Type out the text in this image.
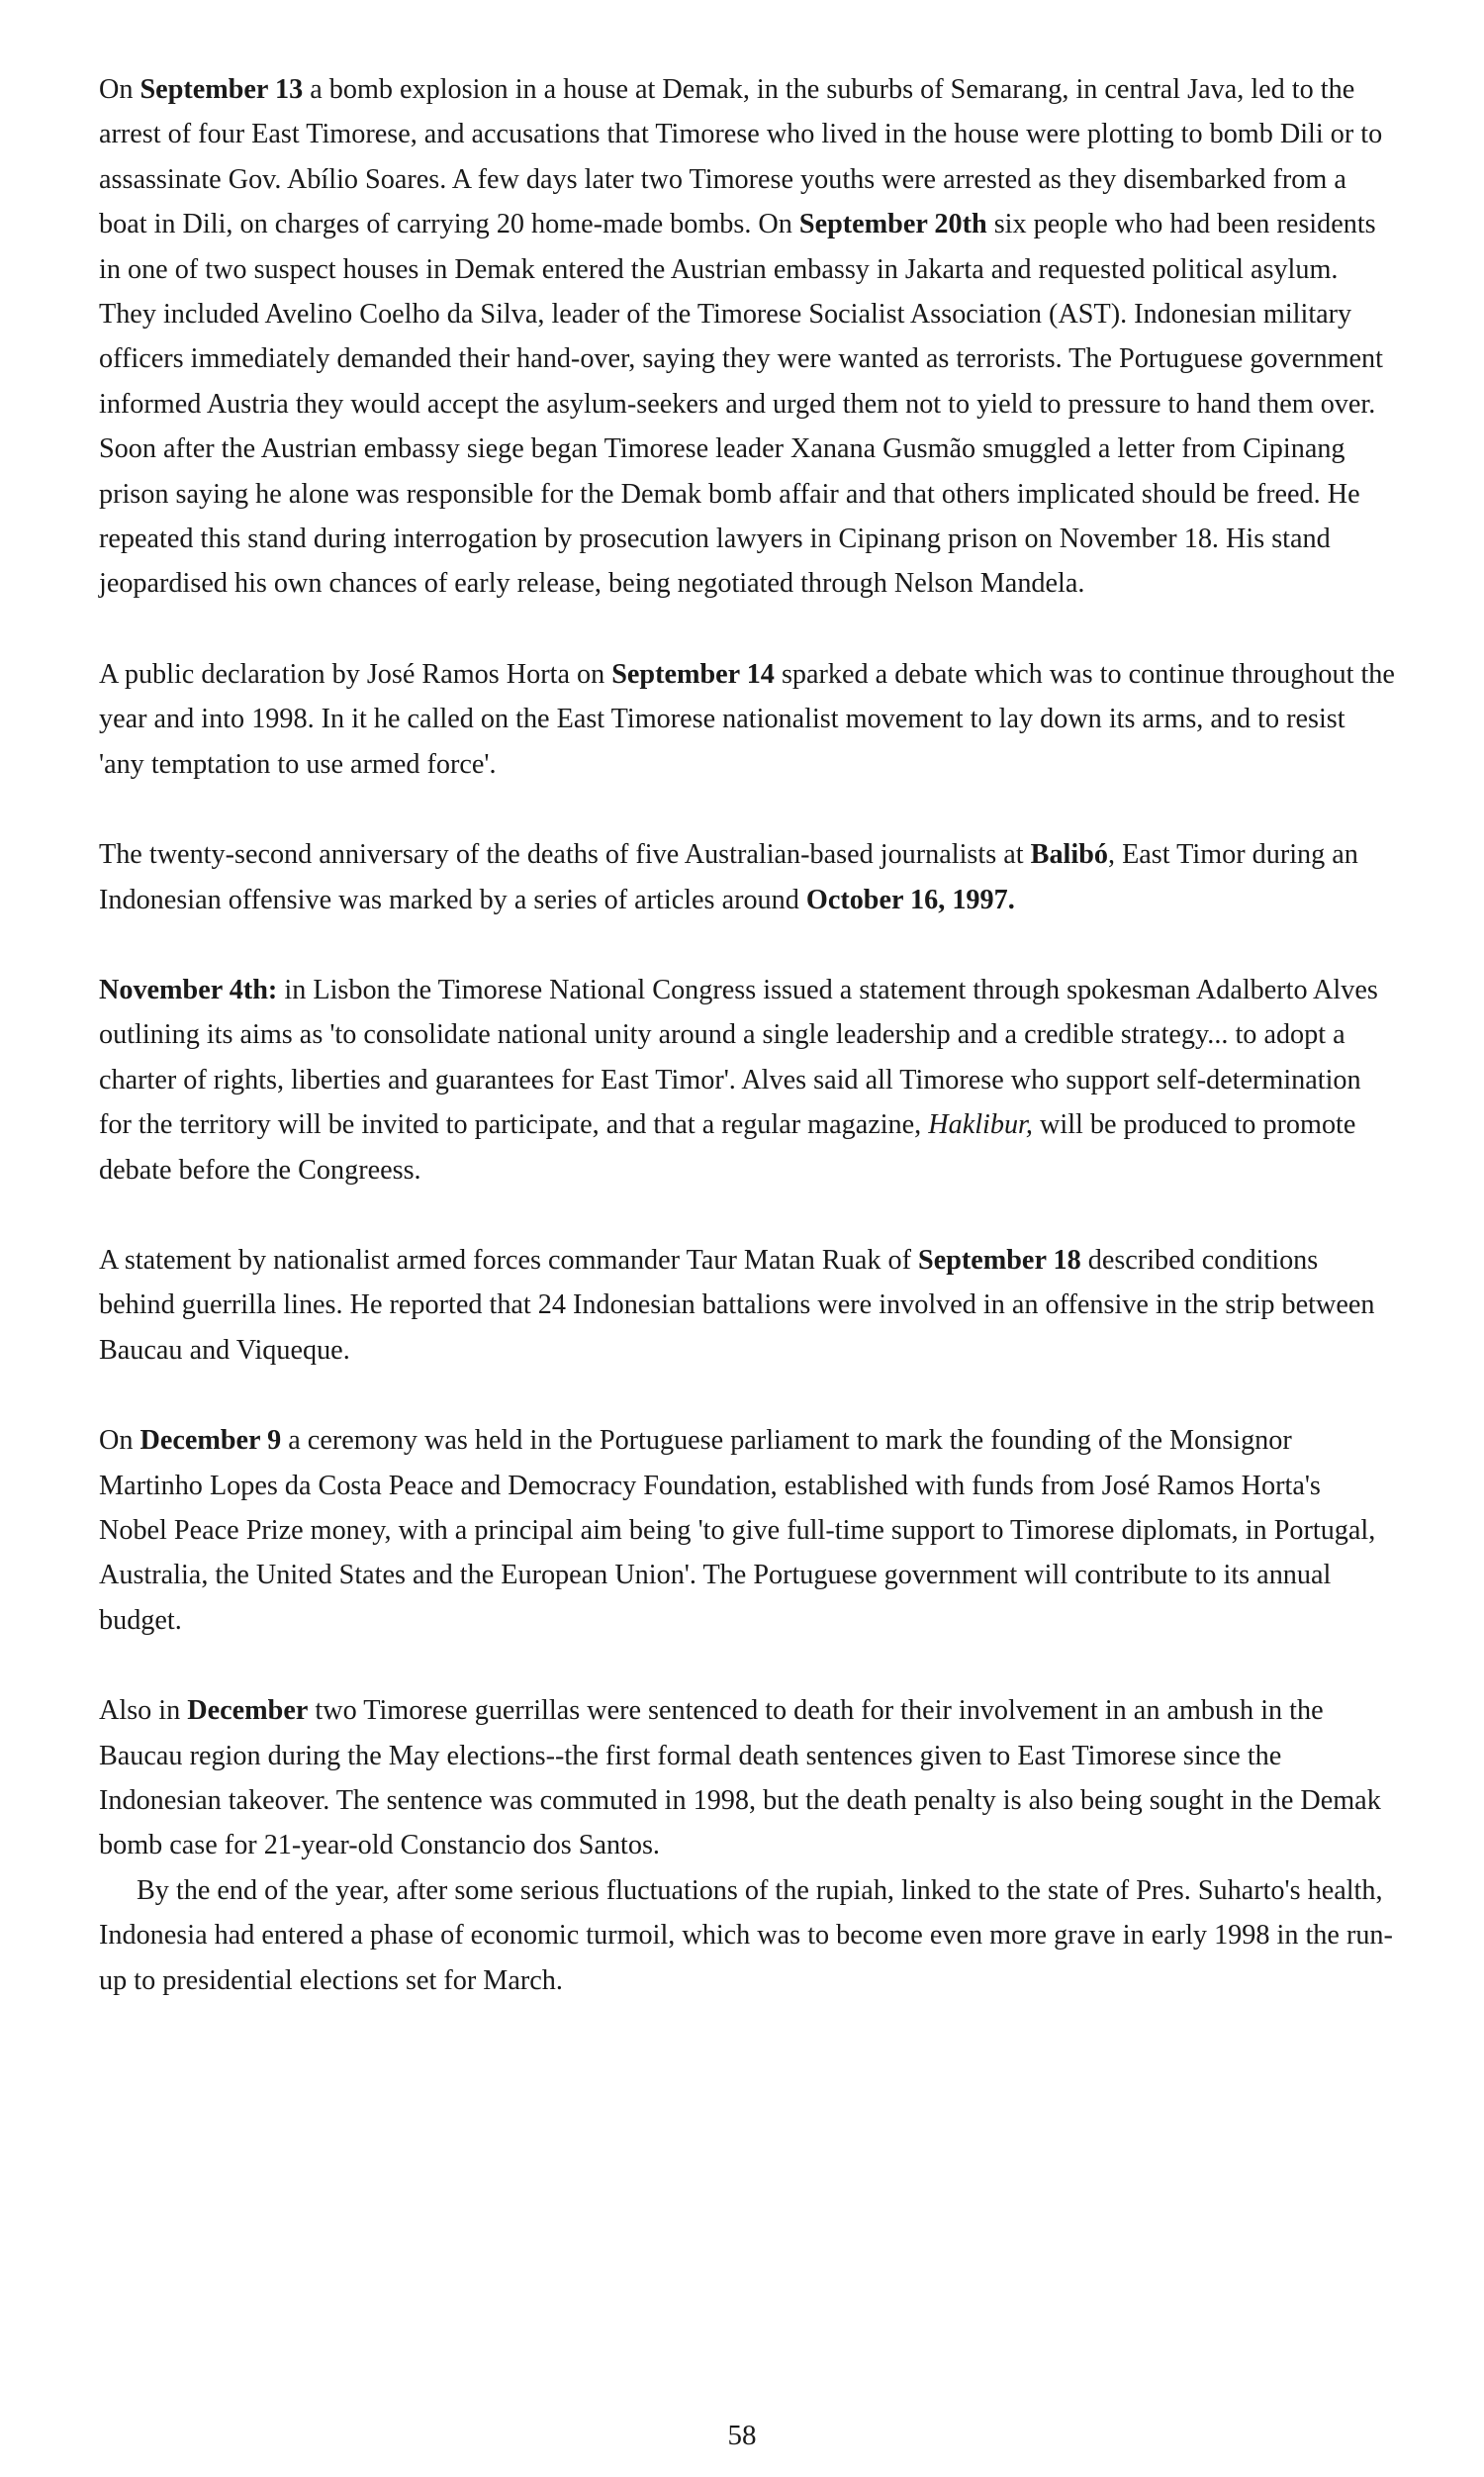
On September 13 a bomb explosion in a house at Demak, in the suburbs of Semarang, in central Java, led to the arrest of four East Timorese, and accusations that Timorese who lived in the house were plotting to bomb Dili or to assassinate Gov. Abílio Soares. A few days later two Timorese youths were arrested as they disembarked from a boat in Dili, on charges of carrying 20 home-made bombs. On September 20th six people who had been residents in one of two suspect houses in Demak entered the Austrian embassy in Jakarta and requested political asylum. They included Avelino Coelho da Silva, leader of the Timorese Socialist Association (AST). Indonesian military officers immediately demanded their hand-over, saying they were wanted as terrorists. The Portuguese government informed Austria they would accept the asylum-seekers and urged them not to yield to pressure to hand them over. Soon after the Austrian embassy siege began Timorese leader Xanana Gusmão smuggled a letter from Cipinang prison saying he alone was responsible for the Demak bomb affair and that others implicated should be freed. He repeated this stand during interrogation by prosecution lawyers in Cipinang prison on November 18. His stand jeopardised his own chances of early release, being negotiated through Nelson Mandela.

A public declaration by José Ramos Horta on September 14 sparked a debate which was to continue throughout the year and into 1998. In it he called on the East Timorese nationalist movement to lay down its arms, and to resist 'any temptation to use armed force'.

The twenty-second anniversary of the deaths of five Australian-based journalists at Balibó, East Timor during an Indonesian offensive was marked by a series of articles around October 16, 1997.

November 4th: in Lisbon the Timorese National Congress issued a statement through spokesman Adalberto Alves outlining its aims as 'to consolidate national unity around a single leadership and a credible strategy... to adopt a charter of rights, liberties and guarantees for East Timor'. Alves said all Timorese who support self-determination for the territory will be invited to participate, and that a regular magazine, Haklibur, will be produced to promote debate before the Congreess.

A statement by nationalist armed forces commander Taur Matan Ruak of September 18 described conditions behind guerrilla lines. He reported that 24 Indonesian battalions were involved in an offensive in the strip between Baucau and Viqueque.

On December 9 a ceremony was held in the Portuguese parliament to mark the founding of the Monsignor Martinho Lopes da Costa Peace and Democracy Foundation, established with funds from José Ramos Horta's Nobel Peace Prize money, with a principal aim being 'to give full-time support to Timorese diplomats, in Portugal, Australia, the United States and the European Union'. The Portuguese government will contribute to its annual budget.

Also in December two Timorese guerrillas were sentenced to death for their involvement in an ambush in the Baucau region during the May elections--the first formal death sentences given to East Timorese since the Indonesian takeover. The sentence was commuted in 1998, but the death penalty is also being sought in the Demak bomb case for 21-year-old Constancio dos Santos.

By the end of the year, after some serious fluctuations of the rupiah, linked to the state of Pres. Suharto's health, Indonesia had entered a phase of economic turmoil, which was to become even more grave in early 1998 in the run-up to presidential elections set for March.

58
